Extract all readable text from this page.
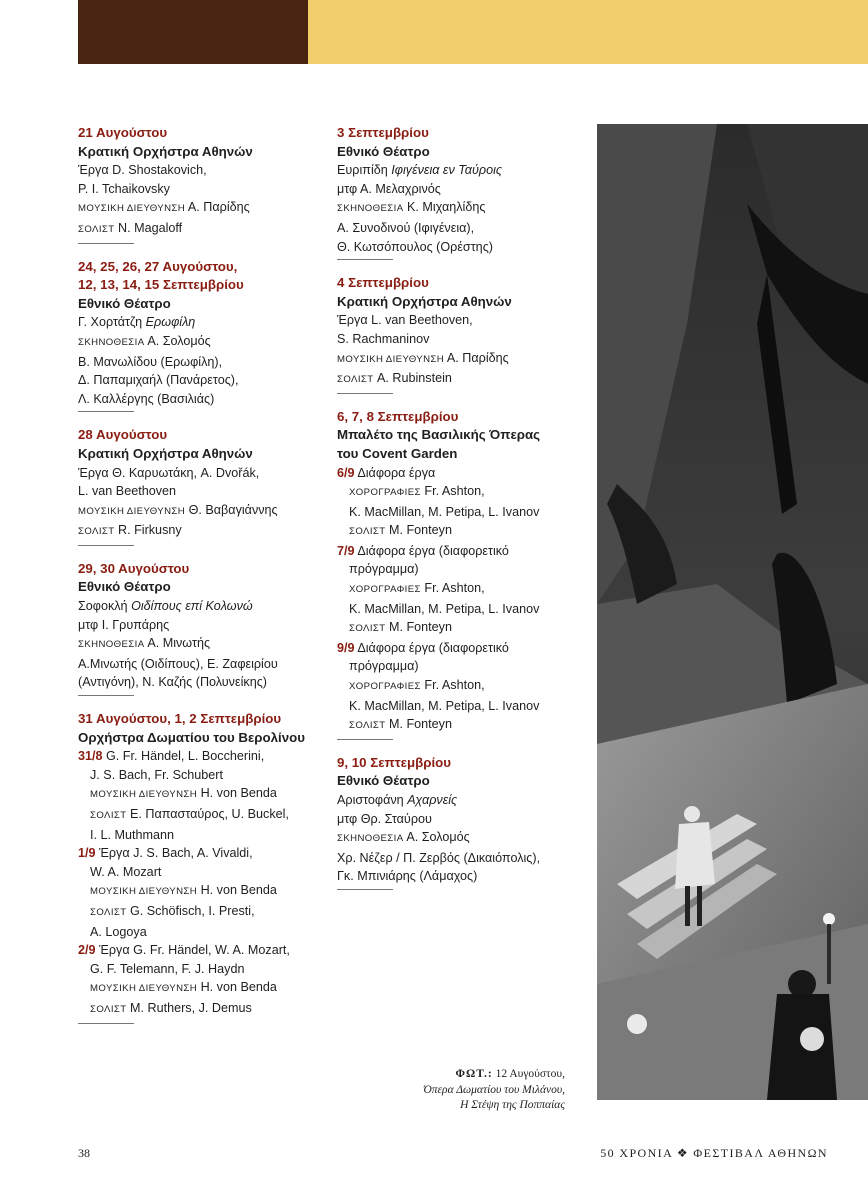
21 Αυγούστου
Κρατική Ορχήστρα Αθηνών
Έργα D. Shostakovich,
P. I. Tchaikovsky
ΜΟΥΣΙΚΗ ΔΙΕΥΘΥΝΣΗ Α. Παρίδης
ΣΟΛΙΣΤ N. Magaloff
24, 25, 26, 27 Αυγούστου,
12, 13, 14, 15 Σεπτεμβρίου
Εθνικό Θέατρο
Γ. Χορτάτζη Ερωφίλη
ΣΚΗΝΟΘΕΣΙΑ Α. Σολομός
Β. Μανωλίδου (Ερωφίλη),
Δ. Παπαμιχαήλ (Πανάρετος),
Λ. Καλλέργης (Βασιλιάς)
28 Αυγούστου
Κρατική Ορχήστρα Αθηνών
Έργα Θ. Καρυωτάκη, A. Dvořák,
L. van Beethoven
ΜΟΥΣΙΚΗ ΔΙΕΥΘΥΝΣΗ Θ. Βαβαγιάννης
ΣΟΛΙΣΤ R. Firkusny
29, 30 Αυγούστου
Εθνικό Θέατρο
Σοφοκλή Οιδίπους επί Κολωνώ
μτφ Ι. Γρυπάρης
ΣΚΗΝΟΘΕΣΙΑ Α. Μινωτής
Α.Μινωτής (Οιδίπους), Ε. Ζαφειρίου
(Αντιγόνη), Ν. Καζής (Πολυνείκης)
31 Αυγούστου, 1, 2 Σεπτεμβρίου
Ορχήστρα Δωματίου του Βερολίνου
31/8 G. Fr. Händel, L. Boccherini,
J. S. Bach, Fr. Schubert
ΜΟΥΣΙΚΗ ΔΙΕΥΘΥΝΣΗ H. von Benda
ΣΟΛΙΣΤ Ε. Παπασταύρος, U. Buckel,
I. L. Muthmann
1/9 Έργα J. S. Bach, A. Vivaldi,
W. A. Mozart
ΜΟΥΣΙΚΗ ΔΙΕΥΘΥΝΣΗ H. von Benda
ΣΟΛΙΣΤ G. Schöfisch, I. Presti,
A. Logoya
2/9 Έργα G. Fr. Händel, W. A. Mozart,
G. F. Telemann, F. J. Haydn
ΜΟΥΣΙΚΗ ΔΙΕΥΘΥΝΣΗ H. von Benda
ΣΟΛΙΣΤ M. Ruthers, J. Demus
3 Σεπτεμβρίου
Εθνικό Θέατρο
Ευριπίδη Ιφιγένεια εν Ταύροις
μτφ Α. Μελαχρινός
ΣΚΗΝΟΘΕΣΙΑ Κ. Μιχαηλίδης
Α. Συνοδινού (Ιφιγένεια),
Θ. Κωτσόπουλος (Ορέστης)
4 Σεπτεμβρίου
Κρατική Ορχήστρα Αθηνών
Έργα L. van Beethoven,
S. Rachmaninov
ΜΟΥΣΙΚΗ ΔΙΕΥΘΥΝΣΗ Α. Παρίδης
ΣΟΛΙΣΤ A. Rubinstein
6, 7, 8 Σεπτεμβρίου
Μπαλέτο της Βασιλικής Όπερας
του Covent Garden
6/9 Διάφορα έργα
ΧΟΡΟΓΡΑΦΙΕΣ Fr. Ashton,
K. MacMillan, M. Petipa, L. Ivanov
ΣΟΛΙΣΤ M. Fonteyn
7/9 Διάφορα έργα (διαφορετικό
πρόγραμμα)
ΧΟΡΟΓΡΑΦΙΕΣ Fr. Ashton,
K. MacMillan, M. Petipa, L. Ivanov
ΣΟΛΙΣΤ M. Fonteyn
9/9 Διάφορα έργα (διαφορετικό
πρόγραμμα)
ΧΟΡΟΓΡΑΦΙΕΣ Fr. Ashton,
K. MacMillan, M. Petipa, L. Ivanov
ΣΟΛΙΣΤ M. Fonteyn
9, 10 Σεπτεμβρίου
Εθνικό Θέατρο
Αριστοφάνη Αχαρνείς
μτφ Θρ. Σταύρου
ΣΚΗΝΟΘΕΣΙΑ Α. Σολομός
Χρ. Νέζερ / Π. Ζερβός (Δικαιόπολις),
Γκ. Μπινιάρης (Λάμαχος)
ΦΩΤ.: 12 Αυγούστου,
Όπερα Δωματίου του Μιλάνου,
Η Στέψη της Ποππαίας
38	50 ΧΡΟΝΙΑ ❖ ΦΕΣΤΙΒΑΛ ΑΘΗΝΩΝ
